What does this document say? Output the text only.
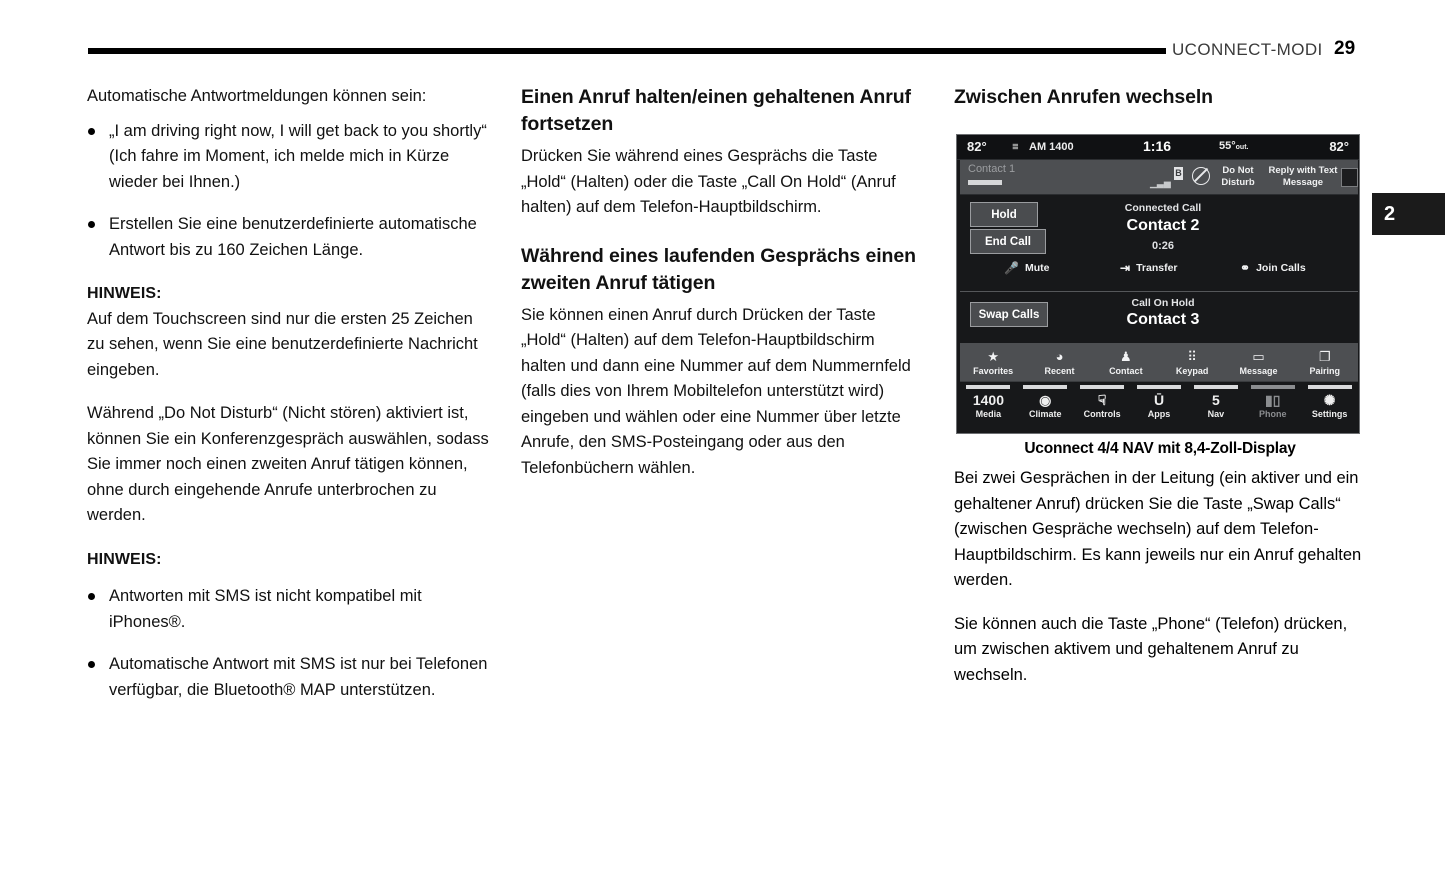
UCONNECT-MODI 29
2

Automatische Antwortmeldungen können sein:

„I am driving right now, I will get back to you shortly“ (Ich fahre im Moment, ich melde mich in Kürze wieder bei Ihnen.)
Erstellen Sie eine benutzerdefinierte automatische Antwort bis zu 160 Zeichen Länge.

HINWEIS:

Auf dem Touchscreen sind nur die ersten 25 Zeichen zu sehen, wenn Sie eine benutzerdefinierte Nachricht eingeben.

Während „Do Not Disturb“ (Nicht stören) aktiviert ist, können Sie ein Konferenzgespräch auswählen, sodass Sie immer noch einen zweiten Anruf tätigen können, ohne durch eingehende Anrufe unterbrochen zu werden.

HINWEIS:

Antworten mit SMS ist nicht kompatibel mit iPhones®.
Automatische Antwort mit SMS ist nur bei Telefonen verfügbar, die Bluetooth® MAP unterstützen.
Einen Anruf halten/einen gehaltenen Anruf fortsetzen

Drücken Sie während eines Gesprächs die Taste „Hold“ (Halten) oder die Taste „Call On Hold“ (Anruf halten) auf dem Telefon-Hauptbildschirm.

Während eines laufenden Gesprächs einen zweiten Anruf tätigen

Sie können einen Anruf durch Drücken der Taste „Hold“ (Halten) auf dem Telefon-Hauptbildschirm halten und dann eine Nummer auf dem Nummernfeld (falls dies von Ihrem Mobiltelefon unterstützt wird) eingeben und wählen oder eine Nummer über letzte Anrufe, den SMS-Posteingang oder aus den Telefonbüchern wählen.

Zwischen Anrufen wechseln
82°	≣ AM 1400	1:16	55°out.	82°
Contact 1
▁▃▅
B	Do Not Disturb
Reply with Text Message
Hold
End Call
Connected Call
Contact 2
0:26
🎤 Mute	⇥ Transfer	⚭ Join Calls
Swap Calls
Call On Hold
Contact 3
★
Favorites
◕
Recent
♟
Contact
⠿
Keypad
▭
Message
❐
Pairing
1400
Media
◉
Climate
☟
Controls
Ū
Apps
5
Nav
▮▯
Phone
✺
Settings
Uconnect 4/4 NAV mit 8,4-Zoll-Display

Bei zwei Gesprächen in der Leitung (ein aktiver und ein gehaltener Anruf) drücken Sie die Taste „Swap Calls“ (zwischen Gespräche wechseln) auf dem Telefon-Hauptbildschirm. Es kann jeweils nur ein Anruf gehalten werden.

Sie können auch die Taste „Phone“ (Telefon) drücken, um zwischen aktivem und gehaltenem Anruf zu wechseln.
